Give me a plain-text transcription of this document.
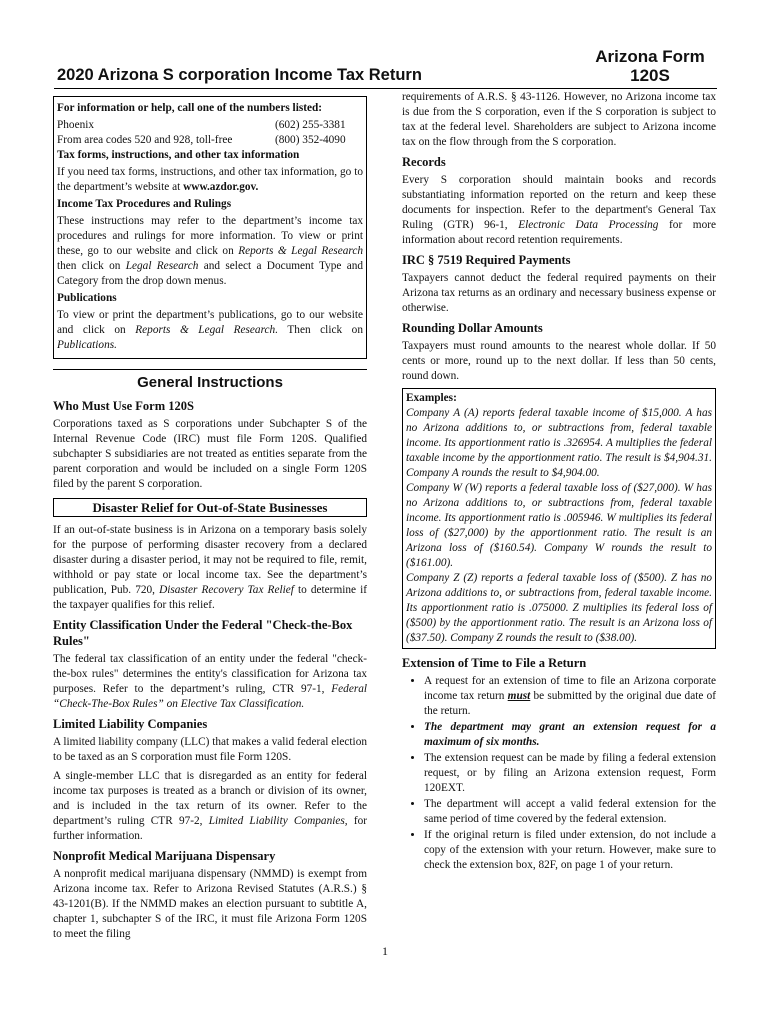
2020 Arizona S corporation Income Tax Return
Arizona Form
120S

For information or help, call one of the numbers listed:

Phoenix	(602) 255-3381
From area codes 520 and 928, toll-free	(800) 352-4090

Tax forms, instructions, and other tax information

If you need tax forms, instructions, and other tax information, go to the department’s website at www.azdor.gov.

Income Tax Procedures and Rulings

These instructions may refer to the department’s income tax procedures and rulings for more information. To view or print these, go to our website and click on Reports & Legal Research then click on Legal Research and select a Document Type and Category from the drop down menus.

Publications

To view or print the department’s publications, go to our website and click on Reports & Legal Research. Then click on Publications.

General Instructions
Who Must Use Form 120S

Corporations taxed as S corporations under Subchapter S of the Internal Revenue Code (IRC) must file Form 120S. Qualified subchapter S subsidiaries are not treated as entities separate from the parent corporation and would be included on a single Form 120S filed by the parent S corporation.

Disaster Relief for Out-of-State Businesses

If an out-of-state business is in Arizona on a temporary basis solely for the purpose of performing disaster recovery from a declared disaster during a disaster period, it may not be required to file, remit, withhold or pay state or local income tax. See the department’s publication, Pub. 720, Disaster Recovery Tax Relief to determine if the taxpayer qualifies for this relief.

Entity Classification Under the Federal "Check-the-Box Rules"

The federal tax classification of an entity under the federal "check-the-box rules" determines the entity's classification for Arizona tax purposes. Refer to the department’s ruling, CTR 97-1, Federal “Check-The-Box Rules” on Elective Tax Classification.

Limited Liability Companies

A limited liability company (LLC) that makes a valid federal election to be taxed as an S corporation must file Form 120S.

A single-member LLC that is disregarded as an entity for federal income tax purposes is treated as a branch or division of its owner, and is included in the tax return of its owner. Refer to the department’s ruling CTR 97-2, Limited Liability Companies, for further information.

Nonprofit Medical Marijuana Dispensary

A nonprofit medical marijuana dispensary (NMMD) is exempt from Arizona income tax. Refer to Arizona Revised Statutes (A.R.S.) § 43-1201(B). If the NMMD makes an election pursuant to subtitle A, chapter 1, subchapter S of the IRC, it must file Arizona Form 120S to meet the filing

requirements of A.R.S. § 43-1126. However, no Arizona income tax is due from the S corporation, even if the S corporation is subject to tax at the federal level. Shareholders are subject to Arizona income tax on the flow through from the S corporation.

Records

Every S corporation should maintain books and records substantiating information reported on the return and keep these documents for inspection. Refer to the department's General Tax Ruling (GTR) 96-1, Electronic Data Processing for more information about record retention requirements.

IRC § 7519 Required Payments

Taxpayers cannot deduct the federal required payments on their Arizona tax returns as an ordinary and necessary business expense or otherwise.

Rounding Dollar Amounts

Taxpayers must round amounts to the nearest whole dollar. If 50 cents or more, round up to the next dollar. If less than 50 cents, round down.

Examples:

Company A (A) reports federal taxable income of $15,000. A has no Arizona additions to, or subtractions from, federal taxable income. Its apportionment ratio is .326954. A multiplies the federal taxable income by the apportionment ratio. The result is $4,904.31. Company A rounds the result to $4,904.00.

Company W (W) reports a federal taxable loss of ($27,000). W has no Arizona additions to, or subtractions from, federal taxable income. Its apportionment ratio is .005946. W multiplies its federal loss of ($27,000) by the apportionment ratio. The result is an Arizona loss of ($160.54). Company W rounds the result to ($161.00).

Company Z (Z) reports a federal taxable loss of ($500). Z has no Arizona additions to, or subtractions from, federal taxable income. Its apportionment ratio is .075000. Z multiplies its federal loss of ($500) by the apportionment ratio. The result is an Arizona loss of ($37.50). Company Z rounds the result to ($38.00).

Extension of Time to File a Return
• A request for an extension of time to file an Arizona corporate income tax return must be submitted by the original due date of the return.
• The department may grant an extension request for a maximum of six months.
• The extension request can be made by filing a federal extension request, or by filing an Arizona extension request, Form 120EXT.
• The department will accept a valid federal extension for the same period of time covered by the federal extension.
• If the original return is filed under extension, do not include a copy of the extension with your return. However, make sure to check the extension box, 82F, on page 1 of your return.
1
